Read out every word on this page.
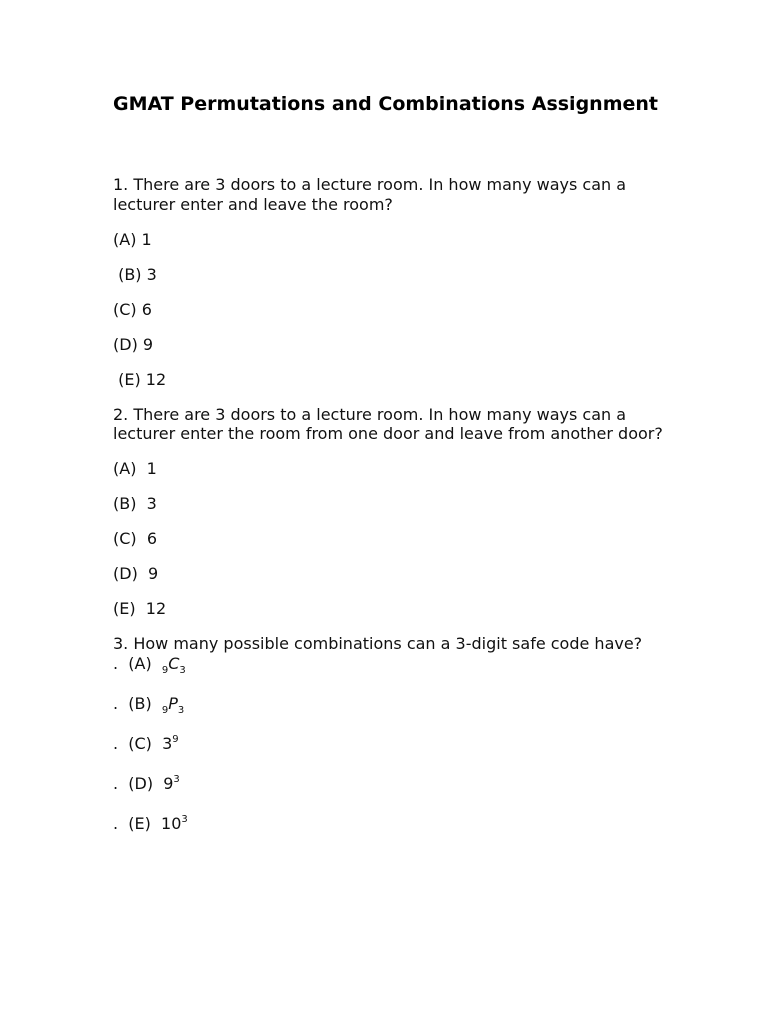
GMAT Permutations and Combinations Assignment

1. There are 3 doors to a lecture room. In how many ways can a lecturer enter and leave the room?

(A) 1

(B) 3

(C) 6

(D) 9

(E) 12

2. There are 3 doors to a lecture room. In how many ways can a lecturer enter the room from one door and leave from another door?

(A)  1

(B)  3

(C)  6

(D)  9

(E)  12

3. How many possible combinations can a 3-digit safe code have?

.  (A)  $_9C_3$

.  (B)  $_9P_3$

.  (C)  $3^9$

.  (D)  $9^3$

.  (E)  $10^3$
